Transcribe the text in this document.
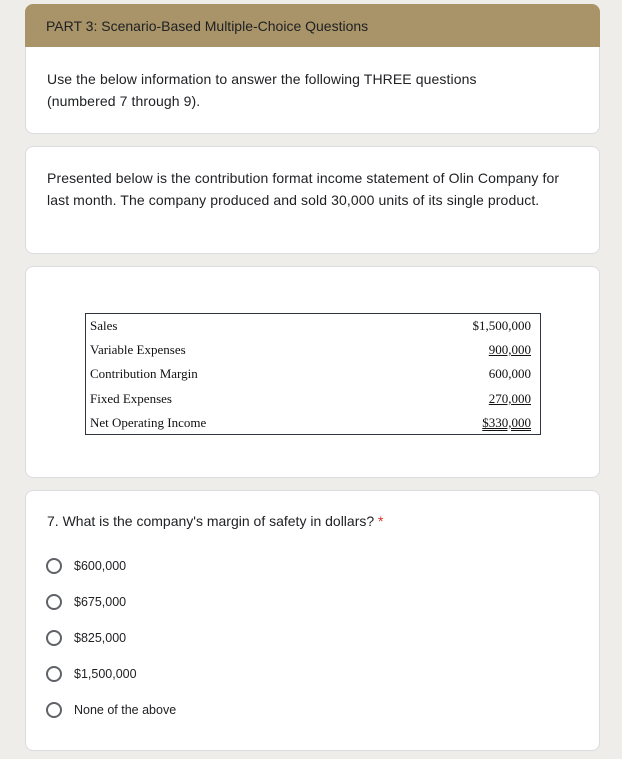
PART 3: Scenario-Based Multiple-Choice Questions
Use the below information to answer the following THREE questions (numbered 7 through 9).
Presented below is the contribution format income statement of Olin Company for last month. The company produced and sold 30,000 units of its single product.
Sales	$1,500,000
Variable Expenses	900,000
Contribution Margin	600,000
Fixed Expenses	270,000
Net Operating Income	$330,000
7. What is the company's margin of safety in dollars? *
$600,000
$675,000
$825,000
$1,500,000
None of the above
